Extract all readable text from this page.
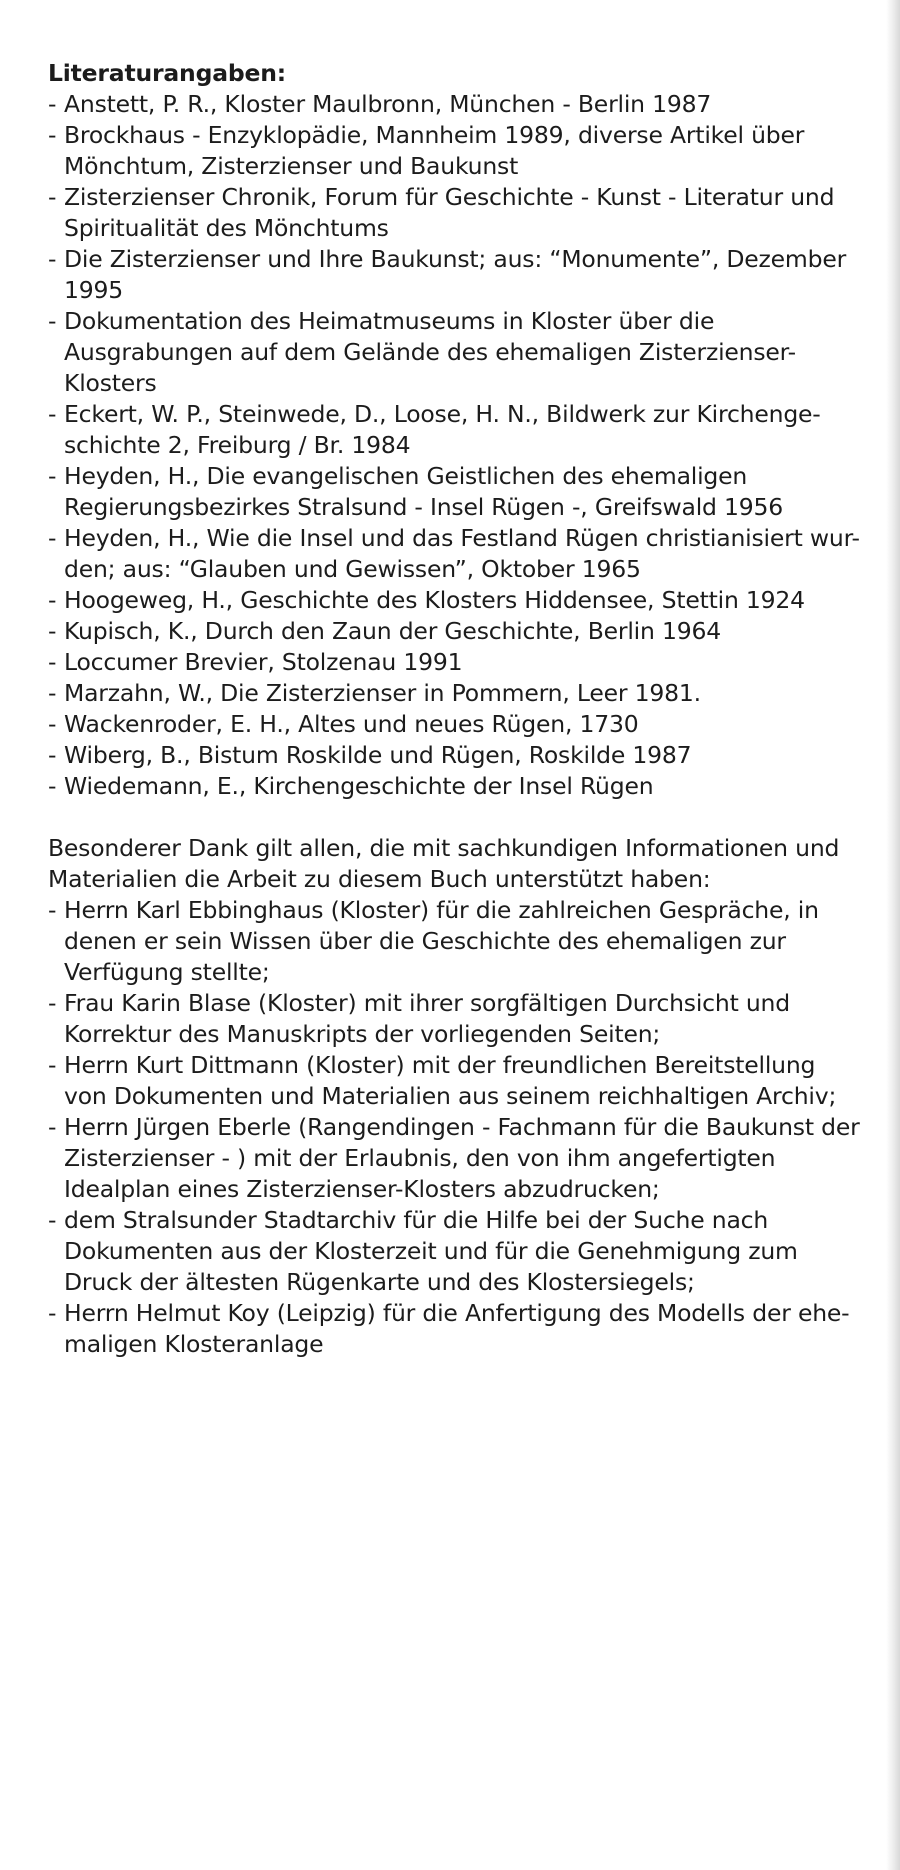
Literaturangaben:

- Anstett, P. R., Kloster Maulbronn, München - Berlin 1987
- Brockhaus - Enzyklopädie, Mannheim 1989, diverse Artikel über Mönchtum, Zisterzienser und Baukunst
- Zisterzienser Chronik, Forum für Geschichte - Kunst - Literatur und Spiritualität des Mönchtums
- Die Zisterzienser und Ihre Baukunst; aus: “Monumente”, Dezember 1995
- Dokumentation des Heimatmuseums in Kloster über die Ausgrabungen auf dem Gelände des ehemaligen Zisterzienser-Klosters
- Eckert, W. P., Steinwede, D., Loose, H. N., Bildwerk zur Kirchenge-schichte 2, Freiburg / Br. 1984
- Heyden, H., Die evangelischen Geistlichen des ehemaligen Regierungsbezirkes Stralsund - Insel Rügen -, Greifswald 1956
- Heyden, H., Wie die Insel und das Festland Rügen christianisiert wur-den; aus: “Glauben und Gewissen”, Oktober 1965
- Hoogeweg, H., Geschichte des Klosters Hiddensee, Stettin 1924
- Kupisch, K., Durch den Zaun der Geschichte, Berlin 1964
- Loccumer Brevier, Stolzenau 1991
- Marzahn, W., Die Zisterzienser in Pommern, Leer 1981.
- Wackenroder, E. H., Altes und neues Rügen, 1730
- Wiberg, B., Bistum Roskilde und Rügen, Roskilde 1987
- Wiedemann, E., Kirchengeschichte der Insel Rügen

Besonderer Dank gilt allen, die mit sachkundigen Informationen und
Materialien die Arbeit zu diesem Buch unterstützt haben:

- Herrn Karl Ebbinghaus (Kloster) für die zahlreichen Gespräche, in denen er sein Wissen über die Geschichte des ehemaligen zur Verfügung stellte;
- Frau Karin Blase (Kloster) mit ihrer sorgfältigen Durchsicht und Korrektur des Manuskripts der vorliegenden Seiten;
- Herrn Kurt Dittmann (Kloster) mit der freundlichen Bereitstellung von Dokumenten und Materialien aus seinem reichhaltigen Archiv;
- Herrn Jürgen Eberle (Rangendingen - Fachmann für die Baukunst der Zisterzienser - ) mit der Erlaubnis, den von ihm angefertigten Idealplan eines Zisterzienser-Klosters abzudrucken;
- dem Stralsunder Stadtarchiv für die Hilfe bei der Suche nach Dokumenten aus der Klosterzeit und für die Genehmigung zum Druck der ältesten Rügenkarte und des Klostersiegels;
- Herrn Helmut Koy (Leipzig) für die Anfertigung des Modells der ehe-maligen Klosteranlage
